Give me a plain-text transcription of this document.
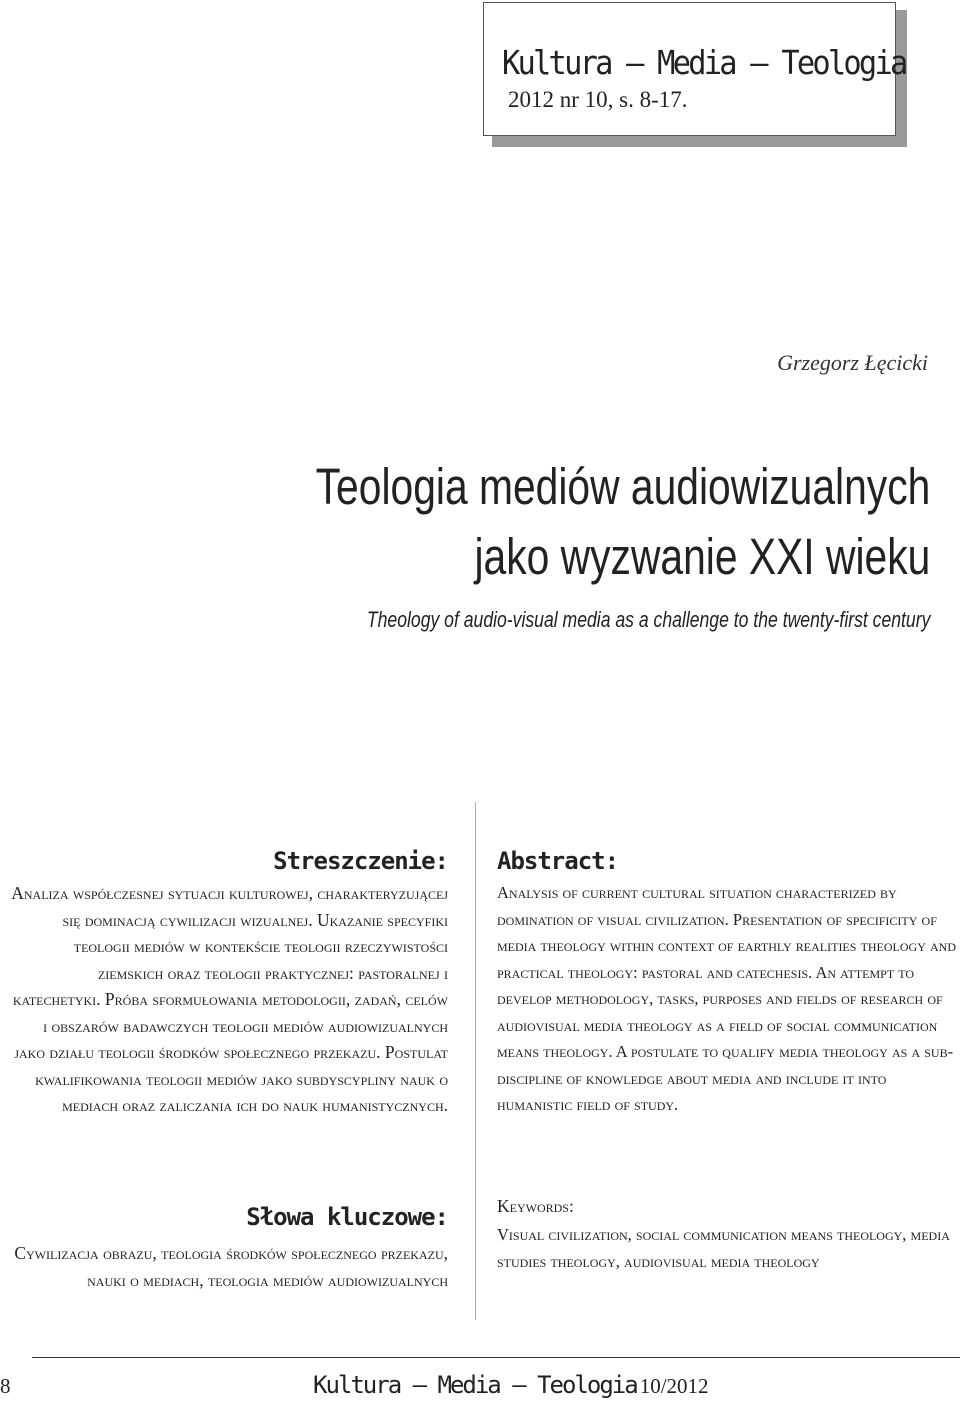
Kultura – Media – Teologia
2012 nr 10, s. 8-17.
Grzegorz Łęcicki
Teologia mediów audiowizualnych
jako wyzwanie XXI wieku
Theology of audio-visual media as a challenge to the twenty-first century
Streszczenie:
Analiza współczesnej sytuacji kulturowej, charakteryzującej się dominacją cywilizacji wizualnej. Ukazanie specyfiki teologii mediów w kontekście teologii rzeczywistości ziemskich oraz teologii praktycznej: pastoralnej i katechetyki. Próba sformułowania metodologii, zadań, celów i obszarów badawczych teologii mediów audiowizualnych jako działu teologii środków społecznego przekazu. Postulat kwalifikowania teologii mediów jako subdyscypliny nauk o mediach oraz zaliczania ich do nauk humanistycznych.
Abstract:
Analysis of current cultural situation characterized by domination of visual civilization. Presentation of specificity of media theology within context of earthly realities theology and practical theology: pastoral and catechesis. An attempt to develop methodology, tasks, purposes and fields of research of audiovisual media theology as a field of social communication means theology. A postulate to qualify media theology as a sub-discipline of knowledge about media and include it into humanistic field of study.
Słowa kluczowe:
Cywilizacja obrazu, teologia środków społecznego przekazu, nauki o mediach, teologia mediów audiowizualnych
Keywords:
Visual civilization, social communication means theology, media studies theology, audiovisual media theology
8	Kultura – Media – Teologia 10/2012
